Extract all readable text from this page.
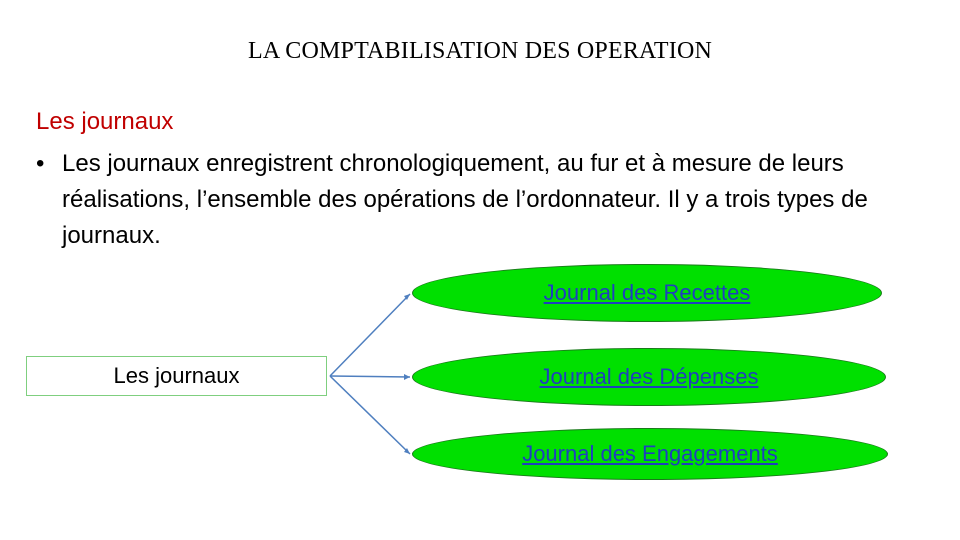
LA COMPTABILISATION DES OPERATION
Les journaux
• Les journaux enregistrent chronologiquement, au fur et à mesure de leurs réalisations, l’ensemble des opérations de l’ordonnateur. Il y a trois types de journaux.
Les journaux
Journal des Recettes
Journal des Dépenses
Journal des Engagements
